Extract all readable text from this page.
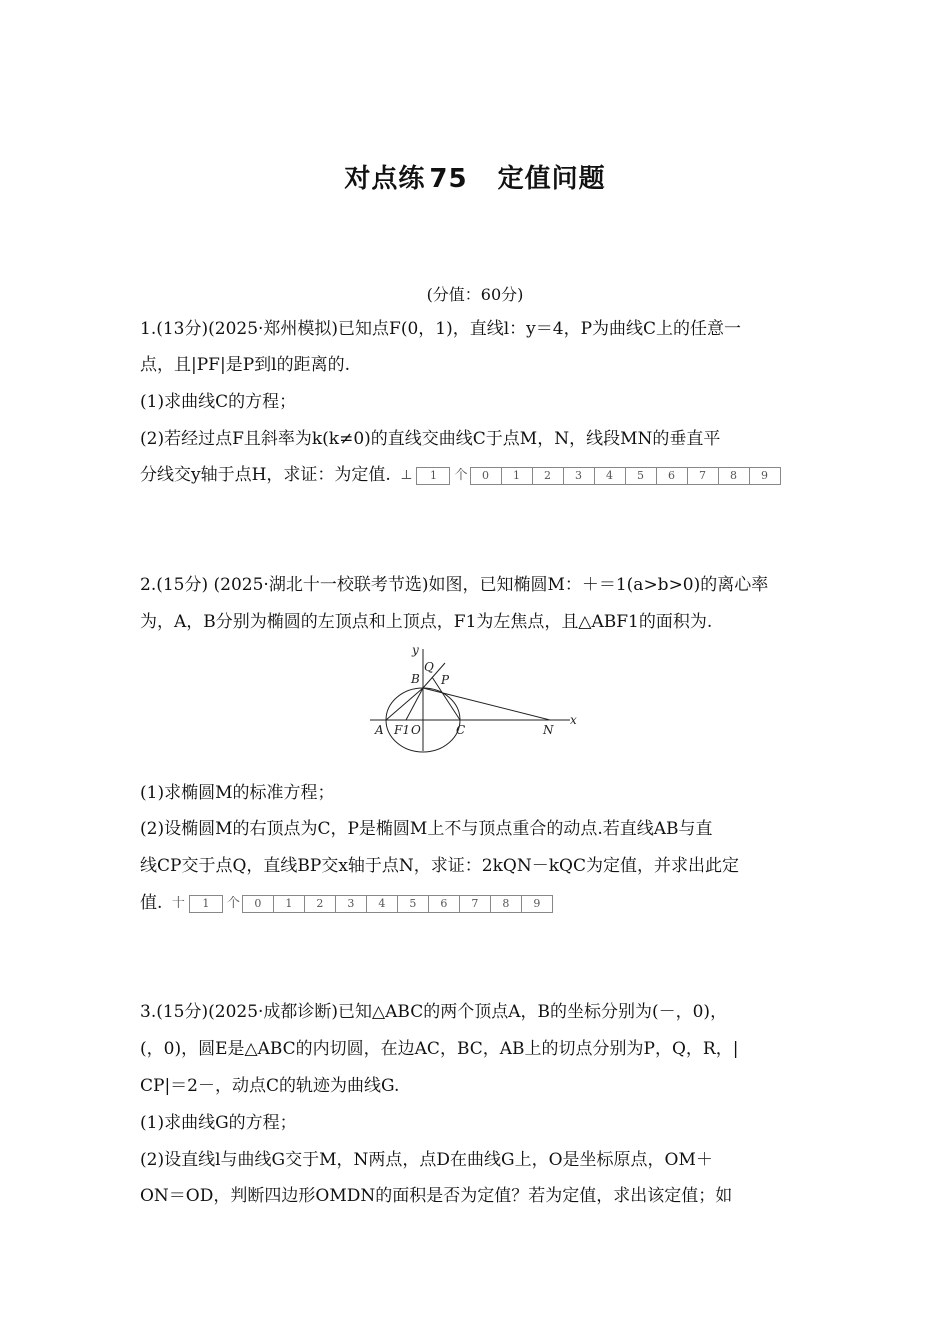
对点练 75 定值问题
(分值：60分)
1.(13分)(2025·郑州模拟)已知点F(0，1)，直线l：y＝4，P为曲线C上的任意一
点，且|PF|是P到l的距离的.
(1)求曲线C的方程；
(2)若经过点F且斜率为k(k≠0)的直线交曲线C于点M，N，线段MN的垂直平
分线交y轴于点H，求证：为定值. ⊥	1	个	0	1	2	3	4	5	6	7	8	9
2.(15分) (2025·湖北十一校联考节选)如图，已知椭圆M：＋＝1(a>b>0)的离心率
为，A，B分别为椭圆的左顶点和上顶点，F1为左焦点，且△ABF1的面积为.
y
x
Q
B P
A F1 O	C	N
(1)求椭圆M的标准方程；
(2)设椭圆M的右顶点为C，P是椭圆M上不与顶点重合的动点.若直线AB与直
线CP交于点Q，直线BP交x轴于点N，求证：2kQN－kQC为定值，并求出此定
值. 十	1	个	0	1	2	3	4	5	6	7	8	9
3.(15分)(2025·成都诊断)已知△ABC的两个顶点A，B的坐标分别为(－，0)，
(，0)，圆E是△ABC的内切圆，在边AC，BC，AB上的切点分别为P，Q，R，|
CP|＝2－，动点C的轨迹为曲线G.
(1)求曲线G的方程；
(2)设直线l与曲线G交于M，N两点，点D在曲线G上，O是坐标原点，OM＋
ON＝OD，判断四边形OMDN的面积是否为定值？若为定值，求出该定值；如
